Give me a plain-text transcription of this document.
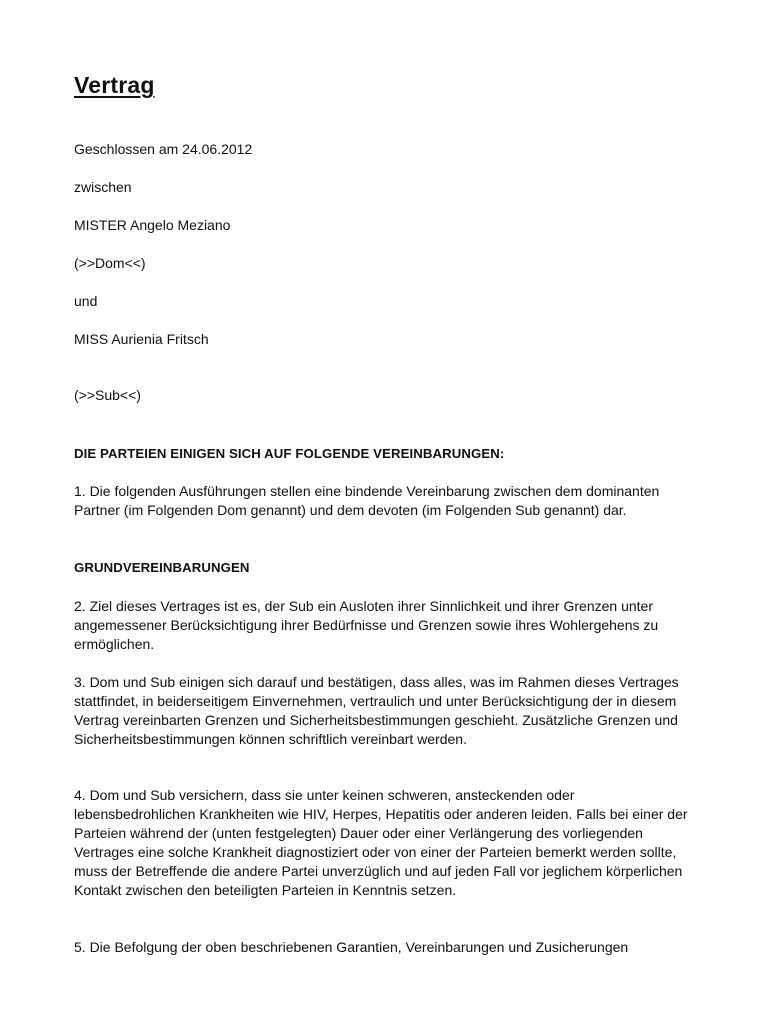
Vertrag

Geschlossen am 24.06.2012

zwischen

MISTER Angelo Meziano

(>>Dom<<)

und

MISS Aurienia Fritsch

(>>Sub<<)

DIE PARTEIEN EINIGEN SICH AUF FOLGENDE VEREINBARUNGEN:

1. Die folgenden Ausführungen stellen eine bindende Vereinbarung zwischen dem dominanten Partner (im Folgenden Dom genannt) und dem devoten (im Folgenden Sub genannt) dar.

GRUNDVEREINBARUNGEN

2. Ziel dieses Vertrages ist es, der Sub ein Ausloten ihrer Sinnlichkeit und ihrer Grenzen unter angemessener Berücksichtigung ihrer Bedürfnisse und Grenzen sowie ihres Wohlergehens zu ermöglichen.

3. Dom und Sub einigen sich darauf und bestätigen, dass alles, was im Rahmen dieses Vertrages stattfindet, in beiderseitigem Einvernehmen, vertraulich und unter Berücksichtigung der in diesem Vertrag vereinbarten Grenzen und Sicherheitsbestimmungen geschieht. Zusätzliche Grenzen und Sicherheitsbestimmungen können schriftlich vereinbart werden.

4. Dom und Sub versichern, dass sie unter keinen schweren, ansteckenden oder lebensbedrohlichen Krankheiten wie HIV, Herpes, Hepatitis oder anderen leiden. Falls bei einer der Parteien während der (unten festgelegten) Dauer oder einer Verlängerung des vorliegenden Vertrages eine solche Krankheit diagnostiziert oder von einer der Parteien bemerkt werden sollte, muss der Betreffende die andere Partei unverzüglich und auf jeden Fall vor jeglichem körperlichen Kontakt zwischen den beteiligten Parteien in Kenntnis setzen.

5. Die Befolgung der oben beschriebenen Garantien, Vereinbarungen und Zusicherungen
